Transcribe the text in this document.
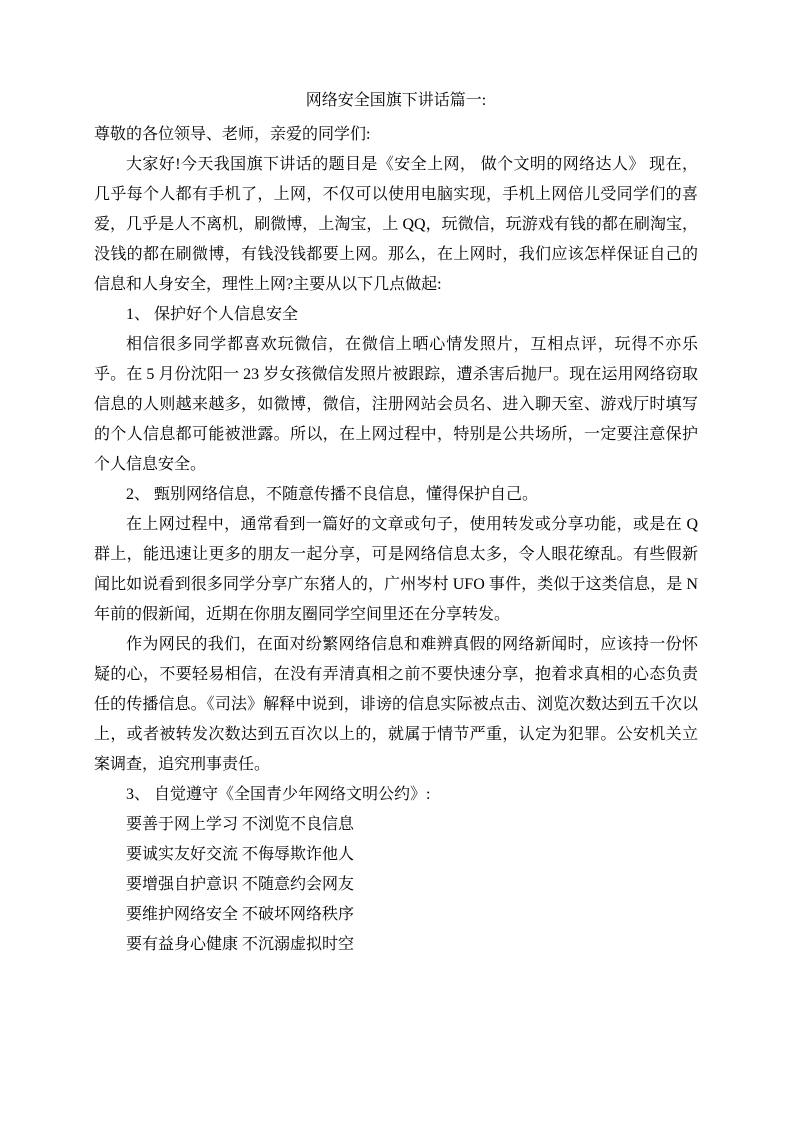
网络安全国旗下讲话篇一:

尊敬的各位领导、老师，亲爱的同学们:

大家好!今天我国旗下讲话的题目是《安全上网， 做个文明的网络达人》 现在，几乎每个人都有手机了，上网，不仅可以使用电脑实现，手机上网倍儿受同学们的喜爱，几乎是人不离机，刷微博，上淘宝，上 QQ，玩微信，玩游戏有钱的都在刷淘宝，没钱的都在刷微博，有钱没钱都要上网。那么，在上网时，我们应该怎样保证自己的信息和人身安全，理性上网?主要从以下几点做起:

1、 保护好个人信息安全

相信很多同学都喜欢玩微信，在微信上晒心情发照片，互相点评，玩得不亦乐乎。在 5 月份沈阳一 23 岁女孩微信发照片被跟踪，遭杀害后抛尸。现在运用网络窃取信息的人则越来越多，如微博，微信，注册网站会员名、进入聊天室、游戏厅时填写的个人信息都可能被泄露。所以，在上网过程中，特别是公共场所，一定要注意保护个人信息安全。

2、 甄别网络信息，不随意传播不良信息，懂得保护自己。

在上网过程中，通常看到一篇好的文章或句子，使用转发或分享功能，或是在 Q 群上，能迅速让更多的朋友一起分享，可是网络信息太多，令人眼花缭乱。有些假新闻比如说看到很多同学分享广东猪人的，广州岑村 UFO 事件，类似于这类信息，是 N 年前的假新闻，近期在你朋友圈同学空间里还在分享转发。

作为网民的我们，在面对纷繁网络信息和难辨真假的网络新闻时，应该持一份怀疑的心，不要轻易相信，在没有弄清真相之前不要快速分享，抱着求真相的心态负责任的传播信息。《司法》解释中说到，诽谤的信息实际被点击、浏览次数达到五千次以上，或者被转发次数达到五百次以上的，就属于情节严重，认定为犯罪。公安机关立案调查，追究刑事责任。

3、 自觉遵守《全国青少年网络文明公约》:

要善于网上学习 不浏览不良信息

要诚实友好交流 不侮辱欺诈他人

要增强自护意识 不随意约会网友

要维护网络安全 不破坏网络秩序

要有益身心健康 不沉溺虚拟时空
